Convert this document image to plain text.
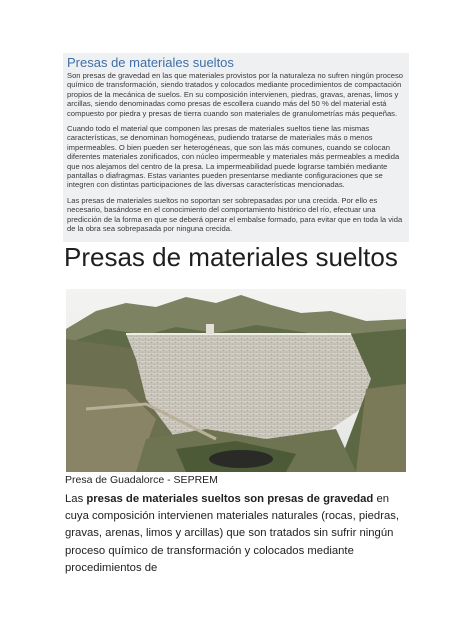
Presas de materiales sueltos

Son presas de gravedad en las que materiales provistos por la naturaleza no sufren ningún proceso químico de transformación, siendo tratados y colocados mediante procedimientos de compactación propios de la mecánica de suelos. En su composición intervienen, piedras, gravas, arenas, limos y arcillas, siendo denominadas como presas de escollera cuando más del 50 % del material está compuesto por piedra y presas de tierra cuando son materiales de granulometrías más pequeñas.

Cuando todo el material que componen las presas de materiales sueltos tiene las mismas características, se denominan homogéneas, pudiendo tratarse de materiales más o menos impermeables. O bien pueden ser heterogéneas, que son las más comunes, cuando se colocan diferentes materiales zonificados, con núcleo impermeable y materiales más permeables a medida que nos alejamos del centro de la presa. La impermeabilidad puede lograrse también mediante pantallas o diafragmas. Estas variantes pueden presentarse mediante configuraciones que se integren con distintas participaciones de las diversas características mencionadas.

Las presas de materiales sueltos no soportan ser sobrepasadas por una crecida. Por ello es necesario, basándose en el conocimiento del comportamiento histórico del río, efectuar una predicción de la forma en que se deberá operar el embalse formado, para evitar que en toda la vida de la obra sea sobrepasada por ninguna crecida.

Presas de materiales sueltos
Presa de Guadalorce - SEPREM

Las presas de materiales sueltos son presas de gravedad en cuya composición intervienen materiales naturales (rocas, piedras, gravas, arenas, limos y arcillas) que son tratados sin sufrir ningún proceso químico de transformación y colocados mediante procedimientos de
